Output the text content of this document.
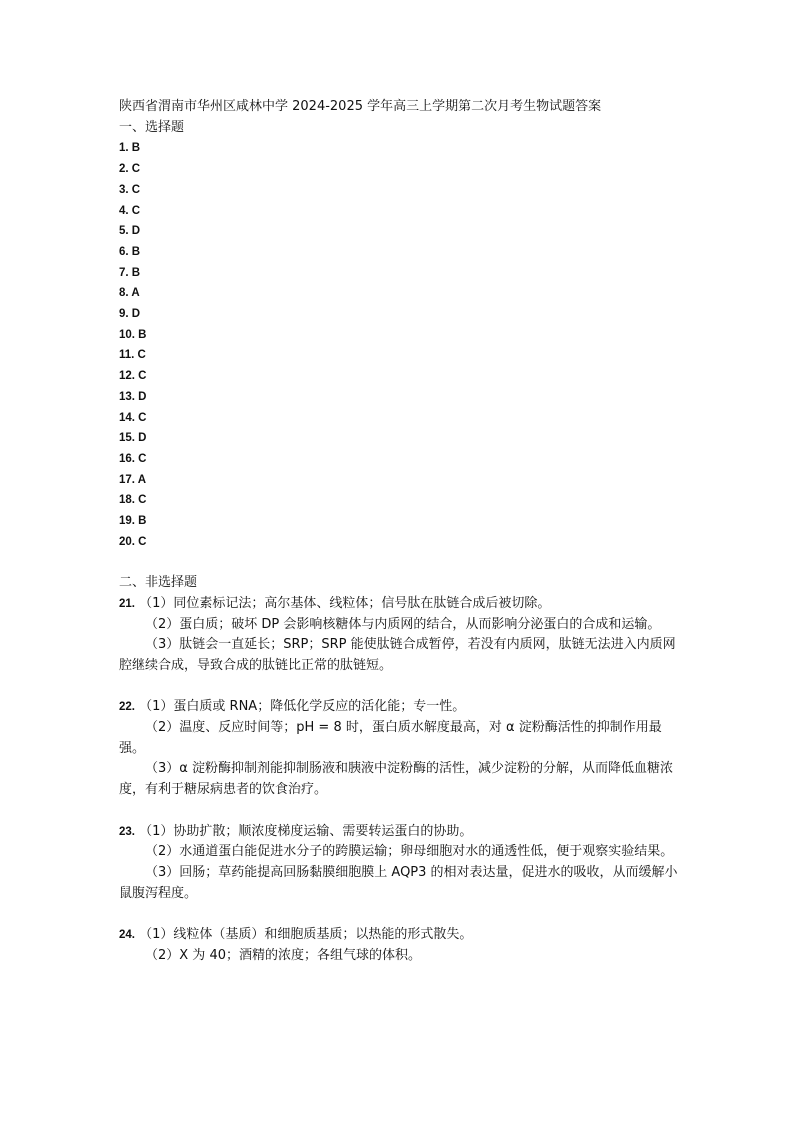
陕西省渭南市华州区咸林中学 2024-2025 学年高三上学期第二次月考生物试题答案
一、选择题
1. B
2. C
3. C
4. C
5. D
6. B
7. B
8. A
9. D
10. B
11. C
12. C
13. D
14. C
15. D
16. C
17. A
18. C
19. B
20. C
二、非选择题
21. （1）同位素标记法；高尔基体、线粒体；信号肽在肽链合成后被切除。
（2）蛋白质；破坏 DP 会影响核糖体与内质网的结合，从而影响分泌蛋白的合成和运输。
（3）肽链会一直延长；SRP；SRP 能使肽链合成暂停，若没有内质网，肽链无法进入内质网腔继续合成，导致合成的肽链比正常的肽链短。
22. （1）蛋白质或 RNA；降低化学反应的活化能；专一性。
（2）温度、反应时间等；pH = 8 时，蛋白质水解度最高，对 α 淀粉酶活性的抑制作用最强。
（3）α 淀粉酶抑制剂能抑制肠液和胰液中淀粉酶的活性，减少淀粉的分解，从而降低血糖浓度，有利于糖尿病患者的饮食治疗。
23. （1）协助扩散；顺浓度梯度运输、需要转运蛋白的协助。
（2）水通道蛋白能促进水分子的跨膜运输；卵母细胞对水的通透性低，便于观察实验结果。
（3）回肠；草药能提高回肠黏膜细胞膜上 AQP3 的相对表达量，促进水的吸收，从而缓解小鼠腹泻程度。
24. （1）线粒体（基质）和细胞质基质；以热能的形式散失。
（2）X 为 40；酒精的浓度；各组气球的体积。
